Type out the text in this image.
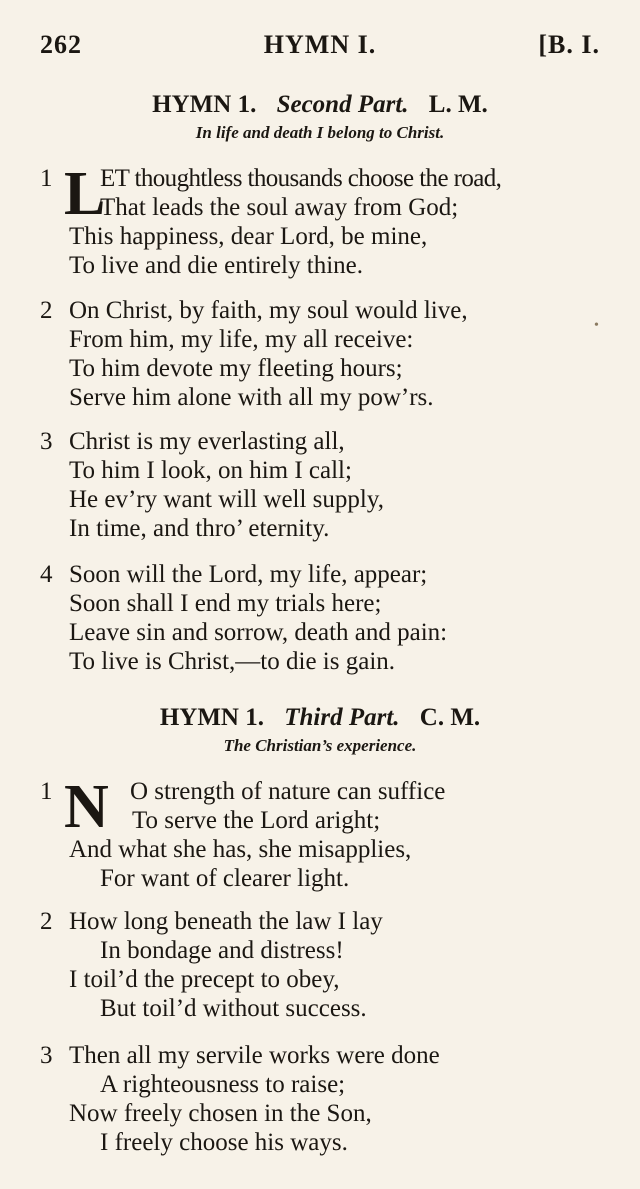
262	HYMN I.	[B. I.
HYMN 1. Second Part. L. M.
In life and death I belong to Christ.
1 L
ET thoughtless thousands choose the road,
That leads the soul away from God;
This happiness, dear Lord, be mine,
To live and die entirely thine.
2 On Christ, by faith, my soul would live,
From him, my life, my all receive:
To him devote my fleeting hours;
Serve him alone with all my pow’rs.
3 Christ is my everlasting all,
To him I look, on him I call;
He ev’ry want will well supply,
In time, and thro’ eternity.
4 Soon will the Lord, my life, appear;
Soon shall I end my trials here;
Leave sin and sorrow, death and pain:
To live is Christ,—to die is gain.
HYMN 1. Third Part. C. M.
The Christian’s experience.
1 N O strength of nature can suffice
To serve the Lord aright;
And what she has, she misapplies,
For want of clearer light.
2 How long beneath the law I lay
In bondage and distress!
I toil’d the precept to obey,
But toil’d without success.
3 Then all my servile works were done
A righteousness to raise;
Now freely chosen in the Son,
I freely choose his ways.
•
